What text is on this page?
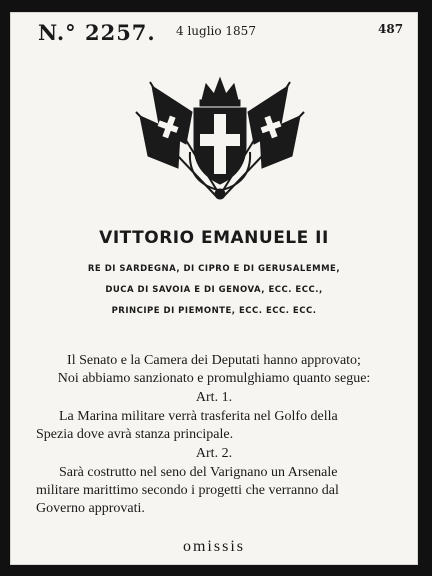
N.° 2257. 4 luglio 1857	487
VITTORIO EMANUELE II
RE DI SARDEGNA, DI CIPRO E DI GERUSALEMME,
DUCA DI SAVOIA E DI GENOVA, ECC. ECC.,
PRINCIPE DI PIEMONTE, ECC. ECC. ECC.
Il Senato e la Camera dei Deputati hanno approvato;
Noi abbiamo sanzionato e promulghiamo quanto segue:
Art. 1.
La Marina militare verrà trasferita nel Golfo della
Spezia dove avrà stanza principale.
Art. 2.
Sarà costrutto nel seno del Varignano un Arsenale
militare marittimo secondo i progetti che verranno dal
Governo approvati.
omissis
